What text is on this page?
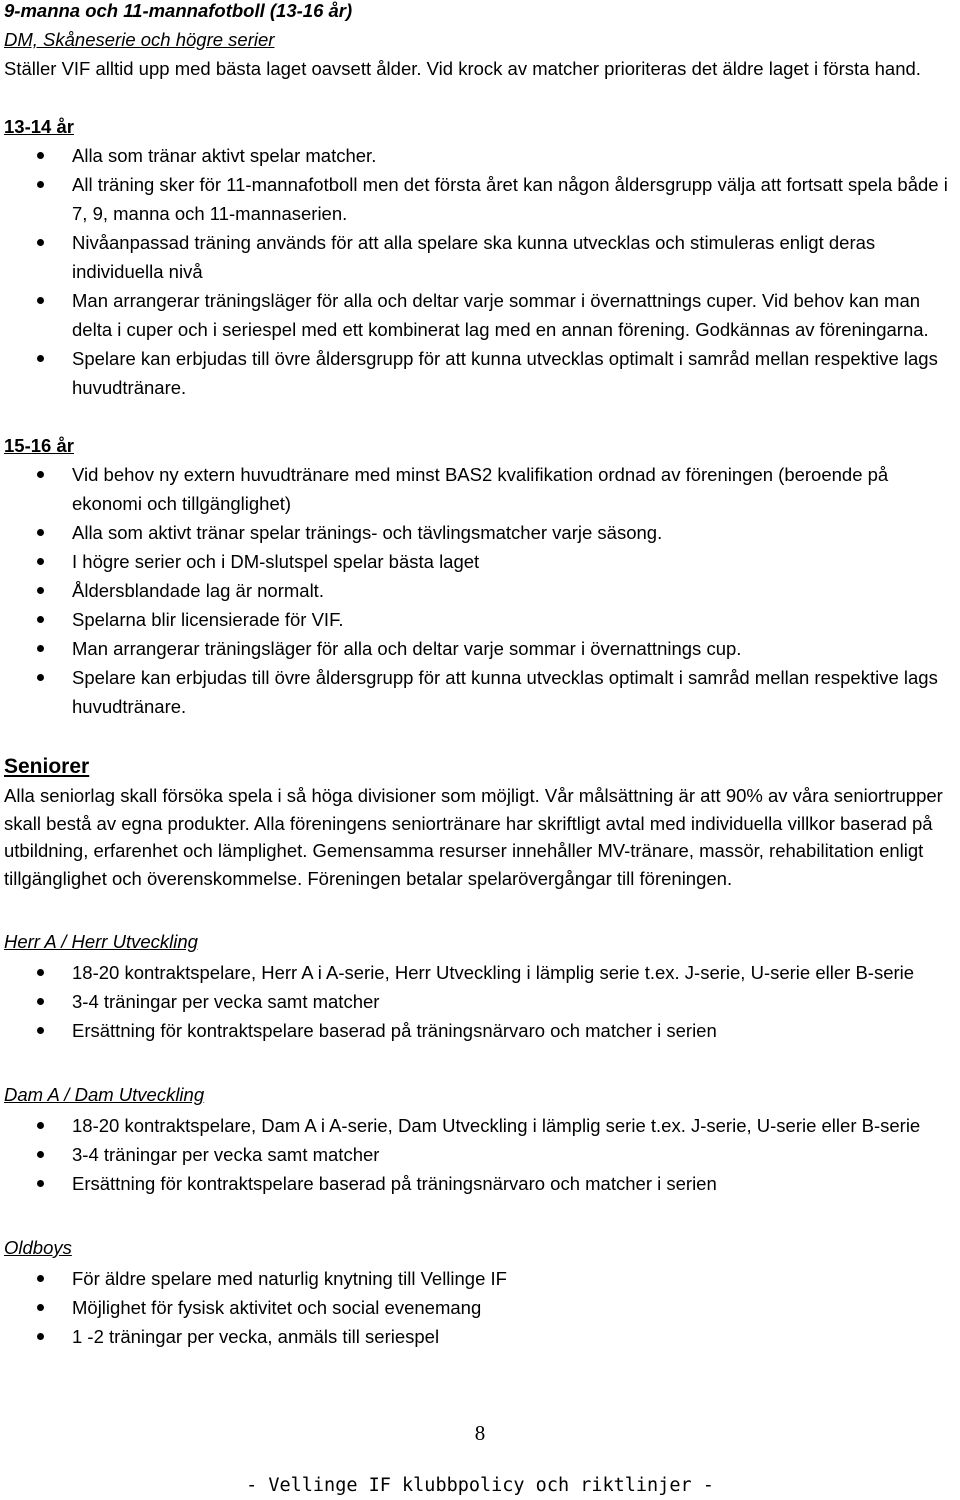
9-manna och 11-mannafotboll (13-16 år)

DM, Skåneserie och högre serier

Ställer VIF alltid upp med bästa laget oavsett ålder. Vid krock av matcher prioriteras det äldre laget i första hand.

13-14 år

Alla som tränar aktivt spelar matcher.
All träning sker för 11-mannafotboll men det första året kan någon åldersgrupp välja att fortsatt spela både i 7, 9, manna och 11-mannaserien.
Nivåanpassad träning används för att alla spelare ska kunna utvecklas och stimuleras enligt deras individuella nivå
Man arrangerar träningsläger för alla och deltar varje sommar i övernattnings cuper. Vid behov kan man delta i cuper och i seriespel med ett kombinerat lag med en annan förening. Godkännas av föreningarna.
Spelare kan erbjudas till övre åldersgrupp för att kunna utvecklas optimalt i samråd mellan respektive lags huvudtränare.

15-16 år

Vid behov ny extern huvudtränare med minst BAS2 kvalifikation ordnad av föreningen (beroende på ekonomi och tillgänglighet)
Alla som aktivt tränar spelar tränings- och tävlingsmatcher varje säsong.
I högre serier och i DM-slutspel spelar bästa laget
Åldersblandade lag är normalt.
Spelarna blir licensierade för VIF.
Man arrangerar träningsläger för alla och deltar varje sommar i övernattnings cup.
Spelare kan erbjudas till övre åldersgrupp för att kunna utvecklas optimalt i samråd mellan respektive lags huvudtränare.

Seniorer

Alla seniorlag skall försöka spela i så höga divisioner som möjligt. Vår målsättning är att 90% av våra seniortrupper skall bestå av egna produkter. Alla föreningens seniortränare har skriftligt avtal med individuella villkor baserad på utbildning, erfarenhet och lämplighet. Gemensamma resurser innehåller MV-tränare, massör, rehabilitation enligt tillgänglighet och överenskommelse. Föreningen betalar spelarövergångar till föreningen.

Herr A / Herr Utveckling

18-20 kontraktspelare, Herr A i A-serie, Herr Utveckling i lämplig serie t.ex. J-serie, U-serie eller B-serie
3-4 träningar per vecka samt matcher
Ersättning för kontraktspelare baserad på träningsnärvaro och matcher i serien

Dam A / Dam Utveckling

18-20 kontraktspelare, Dam A i A-serie, Dam Utveckling i lämplig serie t.ex. J-serie, U-serie eller B-serie
3-4 träningar per vecka samt matcher
Ersättning för kontraktspelare baserad på träningsnärvaro och matcher i serien

Oldboys

För äldre spelare med naturlig knytning till Vellinge IF
Möjlighet för fysisk aktivitet och social evenemang
1 -2 träningar per vecka, anmäls till seriespel
8
- Vellinge IF klubbpolicy och riktlinjer -
